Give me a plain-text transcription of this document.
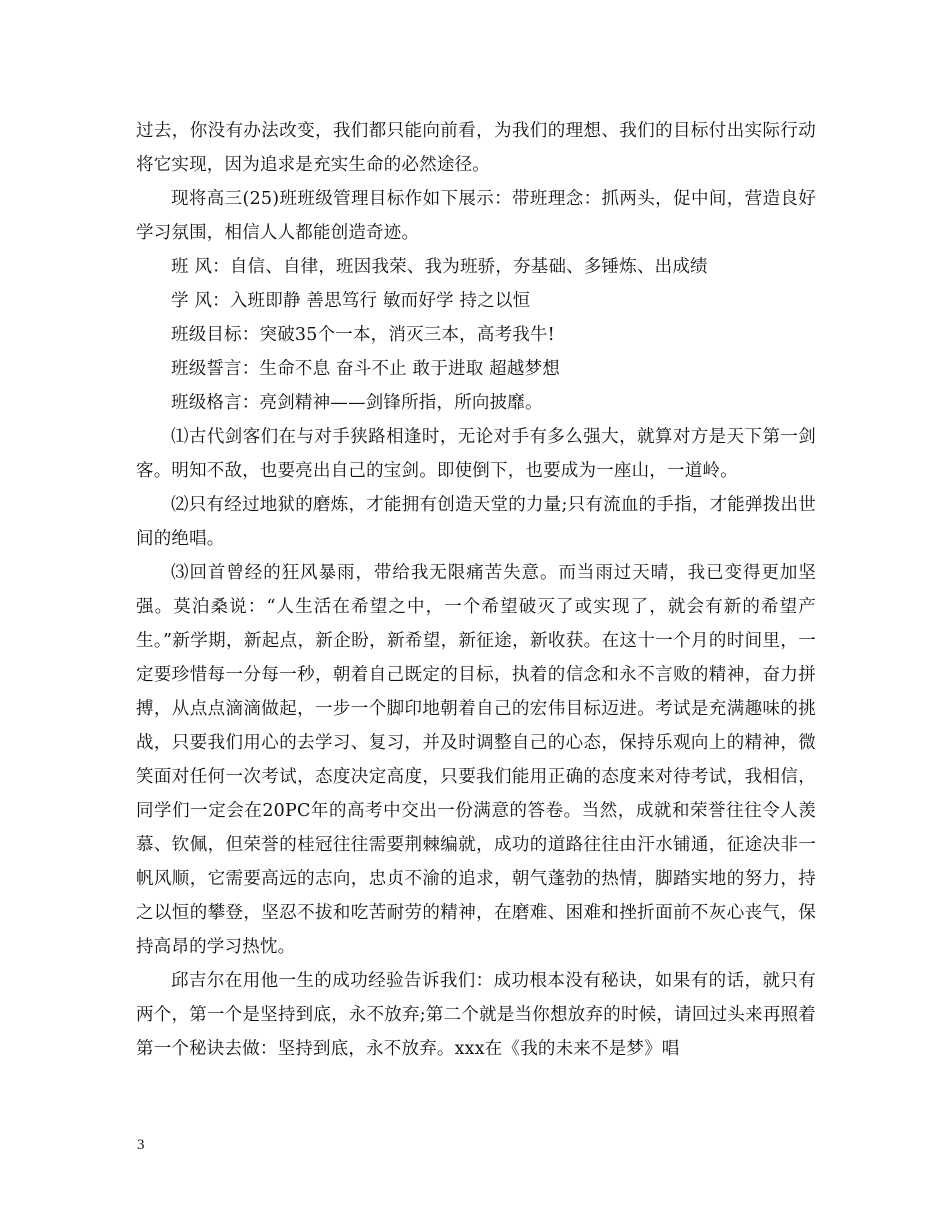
过去，你没有办法改变，我们都只能向前看，为我们的理想、我们的目标付出实际行动将它实现，因为追求是充实生命的必然途径。

现将高三(25)班班级管理目标作如下展示：带班理念：抓两头，促中间，营造良好学习氛围，相信人人都能创造奇迹。

班 风：自信、自律，班因我荣、我为班骄，夯基础、多锤炼、出成绩

学 风：入班即静 善思笃行 敏而好学 持之以恒

班级目标：突破35个一本，消灭三本，高考我牛!

班级誓言：生命不息 奋斗不止 敢于进取 超越梦想

班级格言：亮剑精神——剑锋所指，所向披靡。

⑴古代剑客们在与对手狭路相逢时，无论对手有多么强大，就算对方是天下第一剑客。明知不敌，也要亮出自己的宝剑。即使倒下，也要成为一座山，一道岭。

⑵只有经过地狱的磨炼，才能拥有创造天堂的力量;只有流血的手指，才能弹拨出世间的绝唱。

⑶回首曾经的狂风暴雨，带给我无限痛苦失意。而当雨过天晴，我已变得更加坚强。莫泊桑说：“人生活在希望之中，一个希望破灭了或实现了，就会有新的希望产生。”新学期，新起点，新企盼，新希望，新征途，新收获。在这十一个月的时间里，一定要珍惜每一分每一秒，朝着自己既定的目标，执着的信念和永不言败的精神，奋力拼搏，从点点滴滴做起，一步一个脚印地朝着自己的宏伟目标迈进。考试是充满趣味的挑战，只要我们用心的去学习、复习，并及时调整自己的心态，保持乐观向上的精神，微笑面对任何一次考试，态度决定高度，只要我们能用正确的态度来对待考试，我相信，同学们一定会在20PC年的高考中交出一份满意的答卷。当然，成就和荣誉往往令人羡慕、钦佩，但荣誉的桂冠往往需要荆棘编就，成功的道路往往由汗水铺通，征途决非一帆风顺，它需要高远的志向，忠贞不渝的追求，朝气蓬勃的热情，脚踏实地的努力，持之以恒的攀登，坚忍不拔和吃苦耐劳的精神，在磨难、困难和挫折面前不灰心丧气，保持高昂的学习热忱。

邱吉尔在用他一生的成功经验告诉我们：成功根本没有秘诀，如果有的话，就只有两个，第一个是坚持到底，永不放弃;第二个就是当你想放弃的时候，请回过头来再照着第一个秘诀去做：坚持到底，永不放弃。xxx在《我的未来不是梦》唱

3
